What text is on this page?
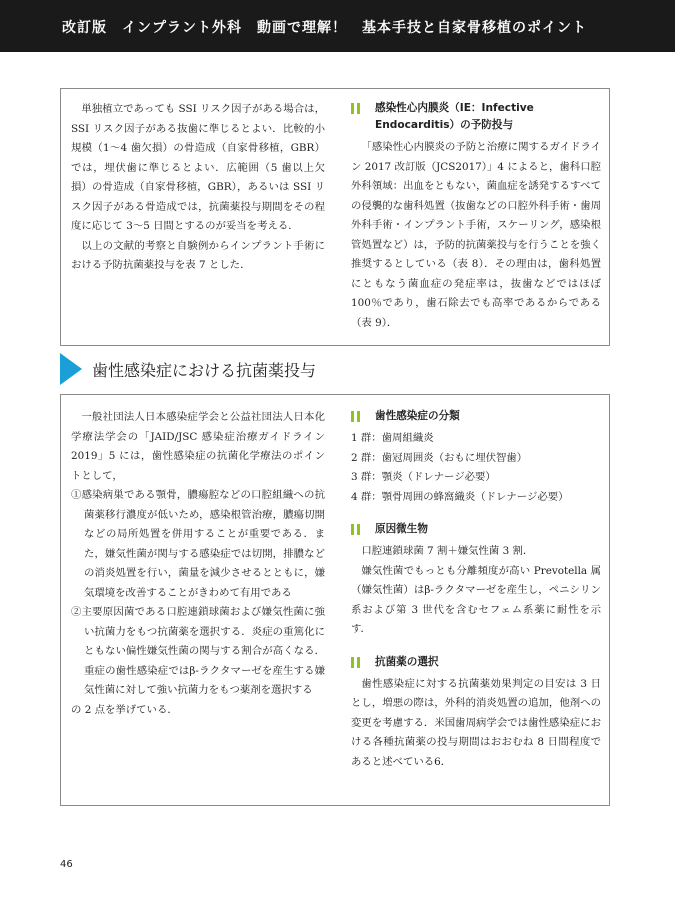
改訂版　インプラント外科　動画で理解！　基本手技と自家骨移植のポイント

単独植立であっても SSI リスク因子がある場合は，SSI リスク因子がある抜歯に準じるとよい．比較的小規模（1～4 歯欠損）の骨造成（自家骨移植，GBR）では，埋伏歯に準じるとよい．広範囲（5 歯以上欠損）の骨造成（自家骨移植，GBR），あるいは SSI リスク因子がある骨造成では，抗菌薬投与期間をその程度に応じて 3～5 日間とするのが妥当を考える．

以上の文献的考察と自験例からインプラント手術における予防抗菌薬投与を表 7 とした．

感染性心内膜炎（IE：Infective Endocarditis）の予防投与

「感染性心内膜炎の予防と治療に関するガイドライン 2017 改訂版（JCS2017）」4 によると，歯科口腔外科領域：出血をともない，菌血症を誘発するすべての侵襲的な歯科処置（抜歯などの口腔外科手術・歯周外科手術・インプラント手術，スケーリング，感染根管処置など）は，予防的抗菌薬投与を行うことを強く推奨するとしている（表 8）．その理由は，歯科処置にともなう菌血症の発症率は，抜歯などではほぼ 100％であり，歯石除去でも高率であるからである（表 9）．

歯性感染症における抗菌薬投与

一般社団法人日本感染症学会と公益社団法人日本化学療法学会の「JAID/JSC 感染症治療ガイドライン 2019」5 には，歯性感染症の抗菌化学療法のポイントとして，

①感染病巣である顎骨，膿瘍腔などの口腔組織への抗菌薬移行濃度が低いため，感染根管治療，膿瘍切開などの局所処置を併用することが重要である．また，嫌気性菌が関与する感染症では切開，排膿などの消炎処置を行い，菌量を減少させるとともに，嫌気環境を改善することがきわめて有用である

②主要原因菌である口腔連鎖球菌および嫌気性菌に強い抗菌力をもつ抗菌薬を選択する．炎症の重篤化にともない偏性嫌気性菌の関与する割合が高くなる．重症の歯性感染症ではβ-ラクタマーゼを産生する嫌気性菌に対して強い抗菌力をもつ薬剤を選択する

の 2 点を挙げている．

歯性感染症の分類

1 群：歯周組織炎

2 群：歯冠周囲炎（おもに埋伏智歯）

3 群：顎炎（ドレナージ必要）

4 群：顎骨周囲の蜂窩織炎（ドレナージ必要）

原因微生物

口腔連鎖球菌 7 割＋嫌気性菌 3 割．

嫌気性菌でもっとも分離頻度が高い Prevotella 属（嫌気性菌）はβ-ラクタマーゼを産生し，ペニシリン系および第 3 世代を含むセフェム系薬に耐性を示す．

抗菌薬の選択

歯性感染症に対する抗菌薬効果判定の目安は 3 日とし，増悪の際は，外科的消炎処置の追加，他剤への変更を考慮する．米国歯周病学会では歯性感染症における各種抗菌薬の投与期間はおおむね 8 日間程度であると述べている6．

46
